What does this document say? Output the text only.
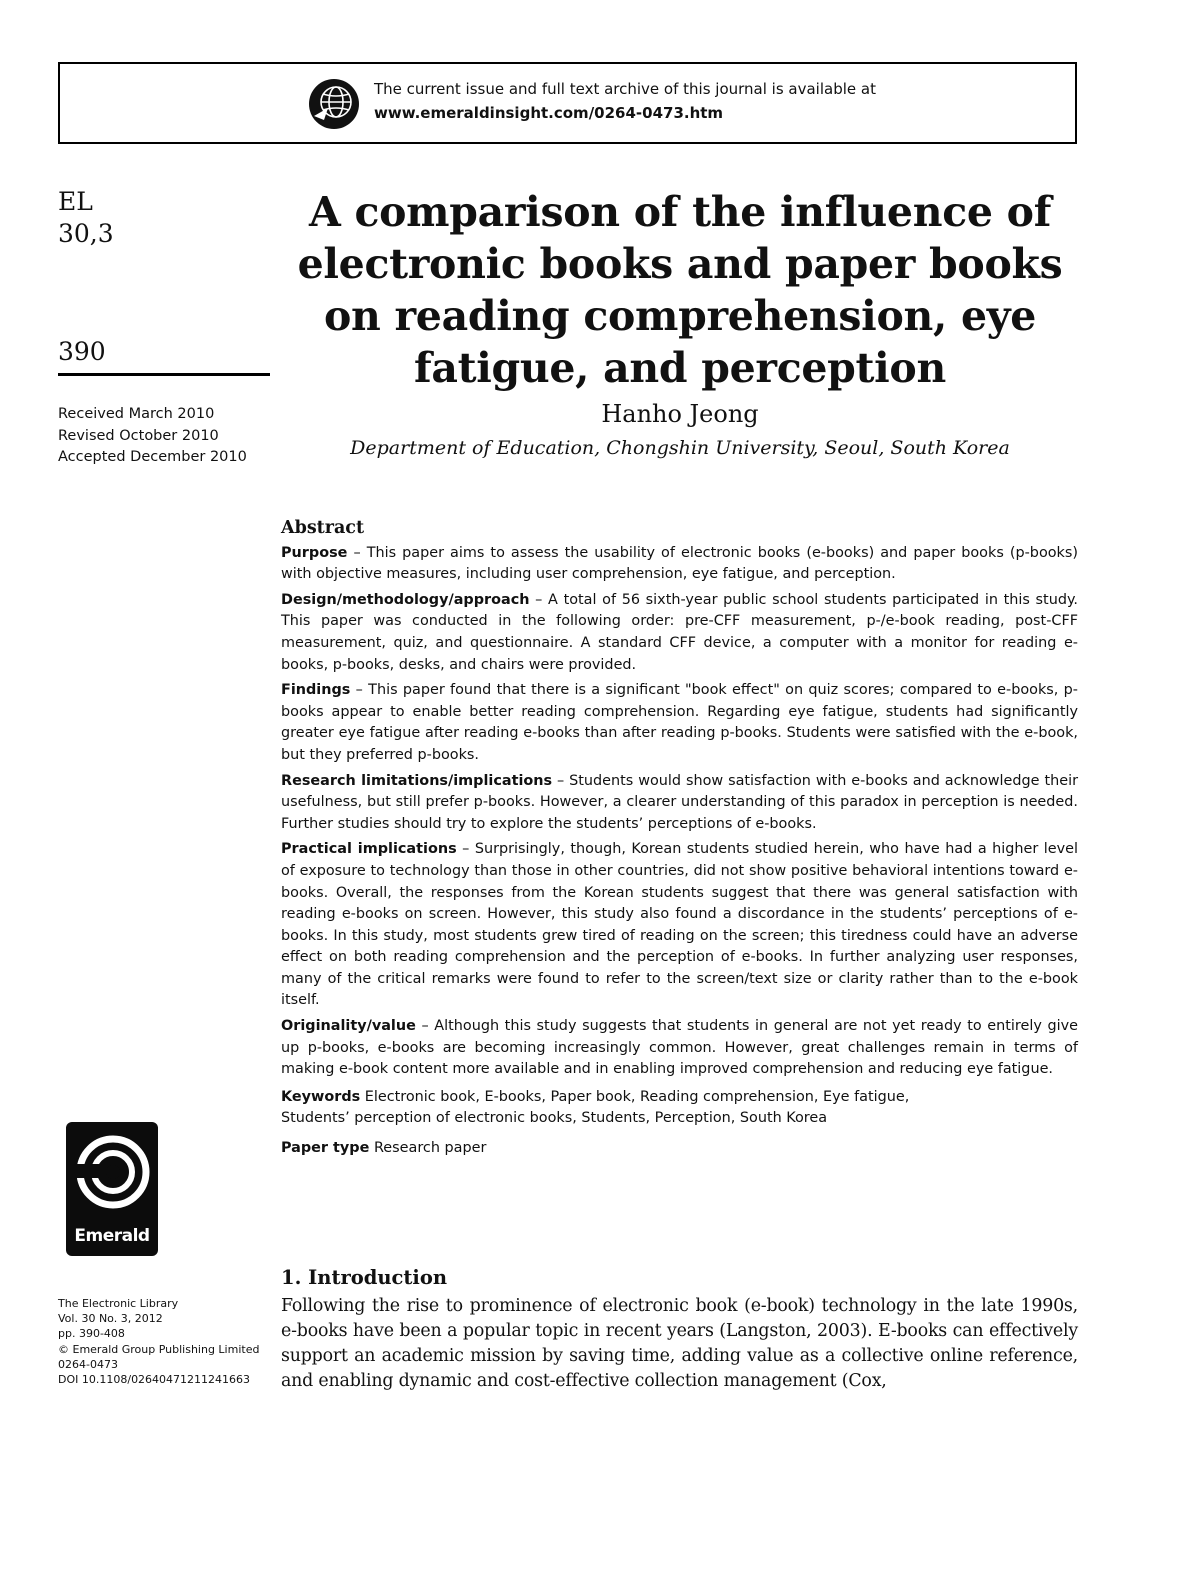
The current issue and full text archive of this journal is available at
www.emeraldinsight.com/0264-0473.htm
EL
30,3
390
Received March 2010
Revised October 2010
Accepted December 2010
A comparison of the influence of
electronic books and paper books
on reading comprehension, eye
fatigue, and perception
Hanho Jeong
Department of Education, Chongshin University, Seoul, South Korea
Abstract

Purpose – This paper aims to assess the usability of electronic books (e-books) and paper books (p-books) with objective measures, including user comprehension, eye fatigue, and perception.

Design/methodology/approach – A total of 56 sixth-year public school students participated in this study. This paper was conducted in the following order: pre-CFF measurement, p-/e-book reading, post-CFF measurement, quiz, and questionnaire. A standard CFF device, a computer with a monitor for reading e-books, p-books, desks, and chairs were provided.

Findings – This paper found that there is a significant "book effect" on quiz scores; compared to e-books, p-books appear to enable better reading comprehension. Regarding eye fatigue, students had significantly greater eye fatigue after reading e-books than after reading p-books. Students were satisfied with the e-book, but they preferred p-books.

Research limitations/implications – Students would show satisfaction with e-books and acknowledge their usefulness, but still prefer p-books. However, a clearer understanding of this paradox in perception is needed. Further studies should try to explore the students’ perceptions of e-books.

Practical implications – Surprisingly, though, Korean students studied herein, who have had a higher level of exposure to technology than those in other countries, did not show positive behavioral intentions toward e-books. Overall, the responses from the Korean students suggest that there was general satisfaction with reading e-books on screen. However, this study also found a discordance in the students’ perceptions of e-books. In this study, most students grew tired of reading on the screen; this tiredness could have an adverse effect on both reading comprehension and the perception of e-books. In further analyzing user responses, many of the critical remarks were found to refer to the screen/text size or clarity rather than to the e-book itself.

Originality/value – Although this study suggests that students in general are not yet ready to entirely give up p-books, e-books are becoming increasingly common. However, great challenges remain in terms of making e-book content more available and in enabling improved comprehension and reducing eye fatigue.

Keywords Electronic book, E-books, Paper book, Reading comprehension, Eye fatigue,
Students’ perception of electronic books, Students, Perception, South Korea

Paper type Research paper

Emerald
The Electronic Library
Vol. 30 No. 3, 2012
pp. 390-408
© Emerald Group Publishing Limited
0264-0473
DOI 10.1108/02640471211241663
1. Introduction
Following the rise to prominence of electronic book (e-book) technology in the late 1990s, e-books have been a popular topic in recent years (Langston, 2003). E-books can effectively support an academic mission by saving time, adding value as a collective online reference, and enabling dynamic and cost-effective collection management (Cox,
